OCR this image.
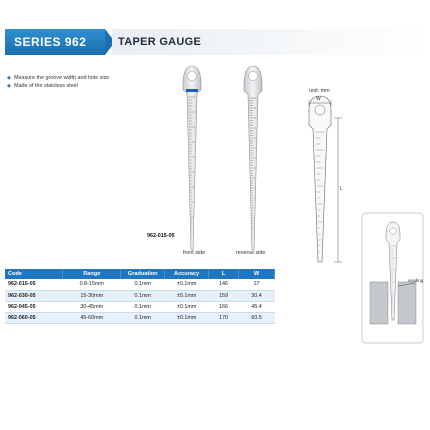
SERIES 962	TAPER GAUGE
◆ Measure the groove width and hole size
◆ Made of the stainless steel
962-015-05
front side	reverse side
unit: mm
W
L
reading
Code	Range	Graduation	Accuracy	L	W
962-015-05	0.8-15mm	0.1mm	±0.1mm	146	17
962-030-05	15-30mm	0.1mm	±0.1mm	159	30.4
962-045-05	30-45mm	0.1mm	±0.1mm	166	45.4
962-060-05	45-60mm	0.1mm	±0.1mm	170	60.5
